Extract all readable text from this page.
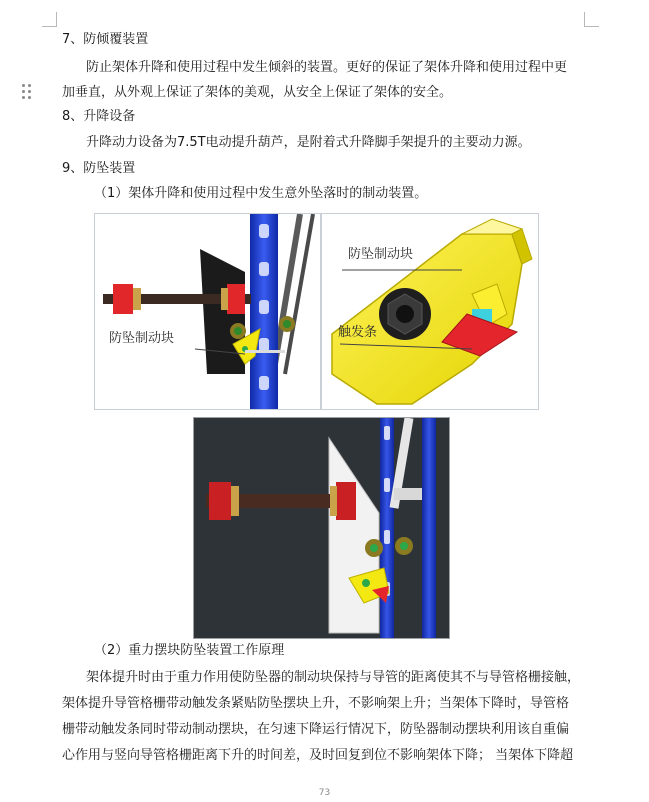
7、防倾覆装置
防止架体升降和使用过程中发生倾斜的装置。更好的保证了架体升降和使用过程中更
加垂直，从外观上保证了架体的美观，从安全上保证了架体的安全。
8、升降设备
升降动力设备为7.5T电动提升葫芦，是附着式升降脚手架提升的主要动力源。
9、防坠装置
（1）架体升降和使用过程中发生意外坠落时的制动装置。
防坠制动块
防坠制动块
触发条
（2）重力摆块防坠装置工作原理
架体提升时由于重力作用使防坠器的制动块保持与导管的距离使其不与导管格栅接触，
架体提升导管格栅带动触发条紧贴防坠摆块上升，不影响架上升；当架体下降时，导管格
栅带动触发条同时带动制动摆块，在匀速下降运行情况下，防坠器制动摆块利用该自重偏
心作用与竖向导管格栅距离下升的时间差，及时回复到位不影响架体下降； 当架体下降超
73
